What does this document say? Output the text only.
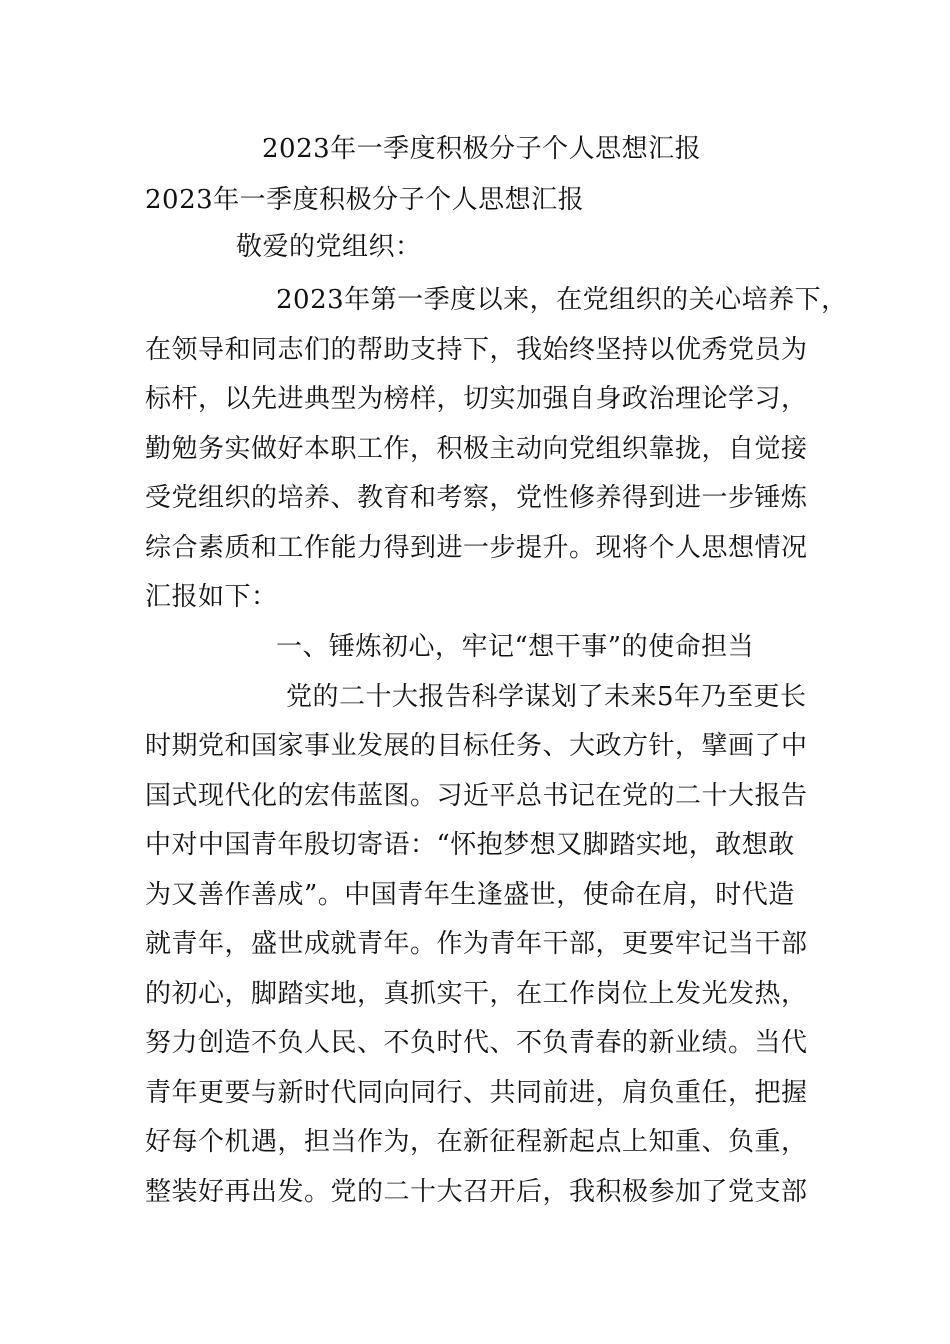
2023年一季度积极分子个人思想汇报
2023年一季度积极分子个人思想汇报
敬爱的党组织：
2023年第一季度以来，在党组织的关心培养下，
在领导和同志们的帮助支持下，我始终坚持以优秀党员为
标杆，以先进典型为榜样，切实加强自身政治理论学习，
勤勉务实做好本职工作，积极主动向党组织靠拢，自觉接
受党组织的培养、教育和考察，党性修养得到进一步锤炼
综合素质和工作能力得到进一步提升。现将个人思想情况
汇报如下：
一、锤炼初心，牢记“想干事”的使命担当
党的二十大报告科学谋划了未来5年乃至更长
时期党和国家事业发展的目标任务、大政方针，擘画了中
国式现代化的宏伟蓝图。习近平总书记在党的二十大报告
中对中国青年殷切寄语：“怀抱梦想又脚踏实地，敢想敢
为又善作善成”。中国青年生逢盛世，使命在肩，时代造
就青年，盛世成就青年。作为青年干部，更要牢记当干部
的初心，脚踏实地，真抓实干，在工作岗位上发光发热，
努力创造不负人民、不负时代、不负青春的新业绩。当代
青年更要与新时代同向同行、共同前进，肩负重任，把握
好每个机遇，担当作为，在新征程新起点上知重、负重，
整装好再出发。党的二十大召开后，我积极参加了党支部
